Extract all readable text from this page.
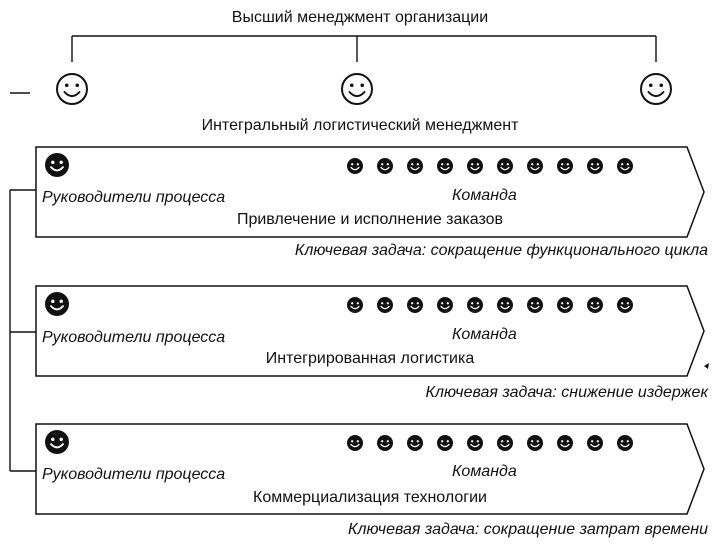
Высший менеджмент организации
Интегральный логистический менеджмент
Руководители процесса	Команда
Привлечение и исполнение заказов
Ключевая задача: сокращение функционального цикла
Руководители процесса	Команда
Интегрированная логистика
Ключевая задача: снижение издержек
Руководители процесса	Команда
Коммерциализация технологии
Ключевая задача: сокращение затрат времени
